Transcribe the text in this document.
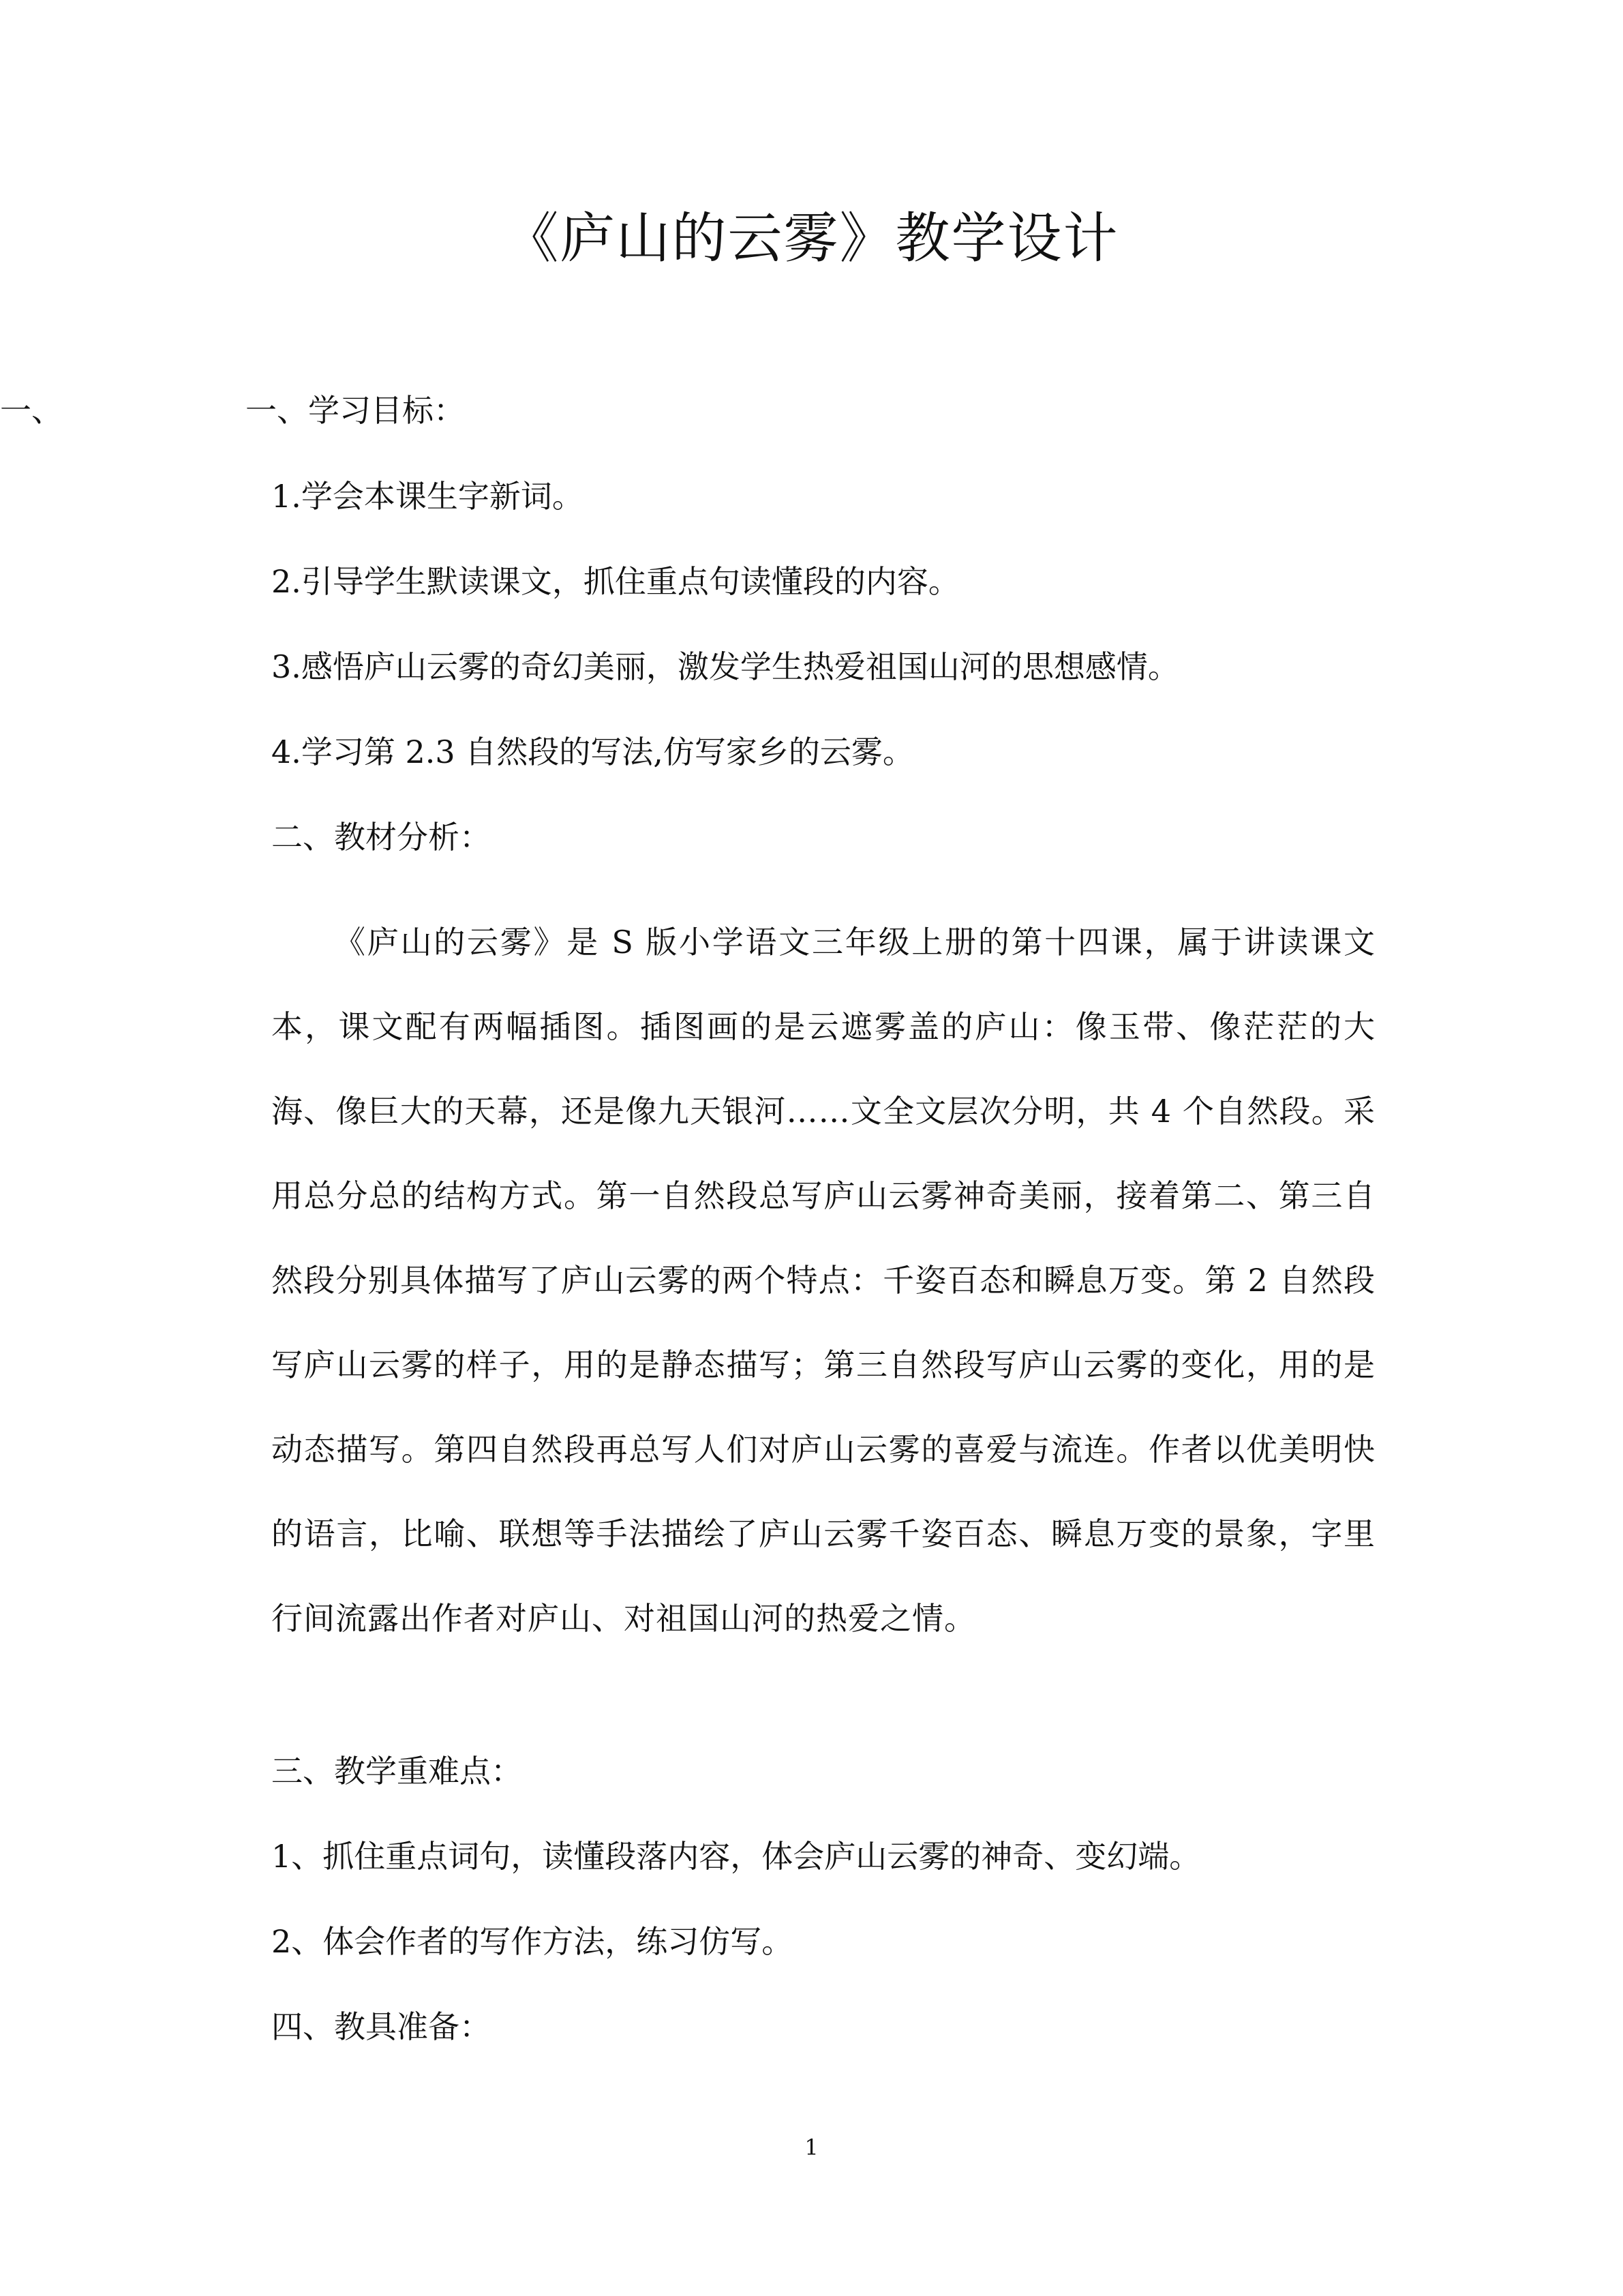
《庐山的云雾》教学设计
一、	一、学习目标：
1.学会本课生字新词。
2.引导学生默读课文，抓住重点句读懂段的内容。
3.感悟庐山云雾的奇幻美丽，激发学生热爱祖国山河的思想感情。
4.学习第 2.3 自然段的写法,仿写家乡的云雾。
二、教材分析：

《庐山的云雾》是 S 版小学语文三年级上册的第十四课，属于讲读课文本，课文配有两幅插图。插图画的是云遮雾盖的庐山：像玉带、像茫茫的大海、像巨大的天幕，还是像九天银河……文全文层次分明，共 4 个自然段。采用总分总的结构方式。第一自然段总写庐山云雾神奇美丽，接着第二、第三自然段分别具体描写了庐山云雾的两个特点：千姿百态和瞬息万变。第 2 自然段写庐山云雾的样子，用的是静态描写；第三自然段写庐山云雾的变化，用的是动态描写。第四自然段再总写人们对庐山云雾的喜爱与流连。作者以优美明快的语言，比喻、联想等手法描绘了庐山云雾千姿百态、瞬息万变的景象，字里行间流露出作者对庐山、对祖国山河的热爱之情。

三、教学重难点：
1、抓住重点词句，读懂段落内容，体会庐山云雾的神奇、变幻端。
2、体会作者的写作方法，练习仿写。
四、教具准备：
1
